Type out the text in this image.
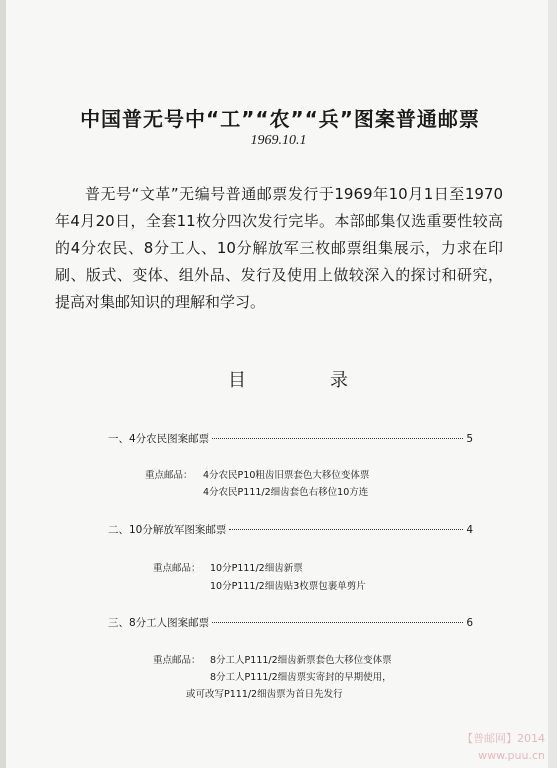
中国普无号中“工”“农”“兵”图案普通邮票
1969.10.1
普无号“文革”无编号普通邮票发行于1969年10月1日至1970年4月20日，全套11枚分四次发行完毕。本部邮集仅选重要性较高的4分农民、8分工人、10分解放军三枚邮票组集展示，力求在印刷、版式、变体、组外品、发行及使用上做较深入的探讨和研究，提高对集邮知识的理解和学习。
目	录
一、4分农民图案邮票	5
重点邮品： 4分农民P10粗齿旧票套色大移位变体票
4分农民P111/2细齿套色右移位10方连
二、10分解放军图案邮票	4
重点邮品： 10分P111/2细齿新票
10分P111/2细齿贴3枚票包裹单剪片
三、8分工人图案邮票	6
重点邮品： 8分工人P111/2细齿新票套色大移位变体票
8分工人P111/2细齿票实寄封的早期使用，
或可改写P111/2细齿票为首日先发行
【普邮网】2014
www.puu.cn
